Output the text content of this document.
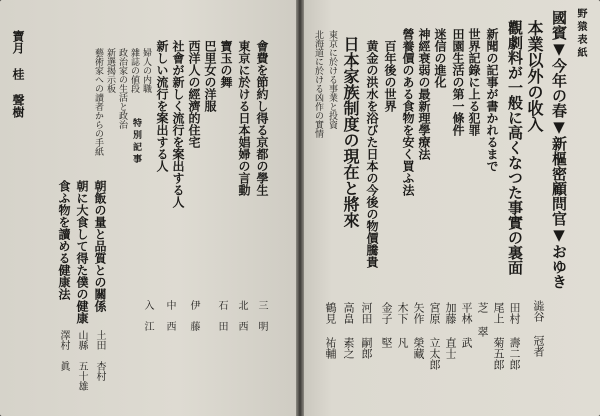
野猿表紙
國賓▼今年の春▼新樞密顧問官▼おゆき
本業以外の收入
觀劇料が一般に高くなつた事實の裏面
新聞の記事が書かれるまで
世界記錄に上る犯罪
田園生活の第一條件
迷信の進化
神經衰弱の最新理學療法
營養價のある食物を安く買ふ法
百年後の世界
黄金の洪水を浴びた日本の今後の物價騰貴
日本家族制度の現在と將來
東京に於ける事業と投資
北海道に於ける凶作の實情
澁谷 冠者
田村 壽二郎
尾上 菊五郎
芝 翠
平林 武
加藤 直士
宮原 立太郎
矢作 榮藏
木下 凡
金子 堅
河田 嗣郎
高畠 素之
鶴見 祐輔
特別記事	會費を節約し得る京都の學生
東京に於ける日本娼婦の言動
寶玉の舞
巴里女の洋服
西洋人の經濟的住宅
社會が新しく流行を案出する人
新しい流行を案出する人
婦人の内職
雜誌の値段
政治家の生活と政治
新選揭示板
藝術家への讀者からの手紙
朝飯の量と品質との關係
朝に大食して得た僕の健康
食ふ物を讀める健康法
土田 杏村
山縣 五十雄
澤村 眞
三 明
北 西
石 田
伊 藤
中 西
入 江
寶月 桂 聲樹
